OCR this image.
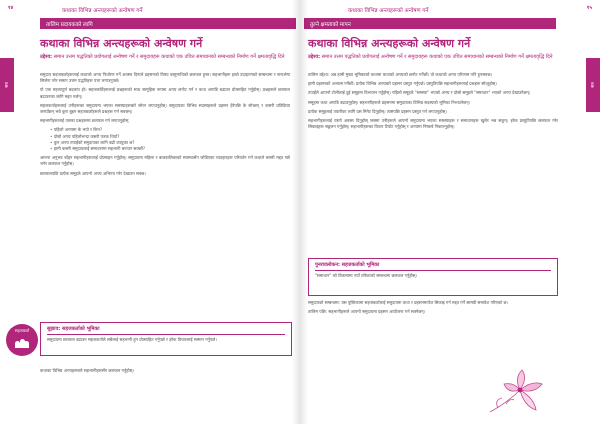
१४	कथाका विभिन्न अन्त्यहरूको अन्वेषण गर्ने
सत्र
तालिम प्रदायकको लागि
कथाका विभिन्न अन्त्यहरूको अन्वेषण गर्ने
उद्देश्य: समान उत्तम पद्धतिको प्रयोगलाई अन्वेषण गर्ने र समुदायहरू कथाको एक उचित समाधानको सम्बन्धको निर्माण गर्ने क्षमतावृद्धि दिने

समुदाय सहजकर्ताहरूलाई कथाको अन्त्य निर्धारण गर्ने अवसर दिनाले प्रहसनको विषय वस्तुमाथिको छलफल हुन्छ। सहभागीहरू हाम्रो उदाहरणको सम्बन्धमा र सन्दर्भमा सिर्जना गरेर समान उत्तम पद्धतिहरू पत्ता लगाउनुपर्छ।

यो एक महत्त्वपूर्ण बदलाव हो। सहजकर्तिहरूलाई प्रश्नहरूको साथ सामूहिक रूपमा अन्त्य छनोट गर्न र कथा अगाडि बढाउन प्रोत्साहित गर्नुहोस्। प्रश्नहरूले छलफल बढाउनका लागि मद्दत गर्छन्।

सहजकर्ताहरूलाई उनीहरूका समुदायमा भएका समस्याहरूबारे सोच्न लगाउनुहोस्। समुदायका विभिन्न सदस्यहरूले प्रहसन हेरेपछि के सोच्छन् र कसरी प्रतिक्रिया जनाउँछन् भन्ने कुरा बुझ्न सहजकर्ताहरूले प्रश्नहरू गर्न सक्छन्।

सहभागीहरूलाई तलका प्रश्नहरूमा छलफल गर्न लगाउनुहोस्:

• पहिलो अन्त्यमा के भयो र किन?
• दोस्रो अन्त्य पहिलोभन्दा कसरी फरक थियो?
• कुन अन्त्य तपाईंको समुदायका लागि बढी उपयुक्त छ?
• हामी कसरी समुदायलाई समाधानमा सहभागी बनाउन सक्छौं?

आफ्ना अनुभव बाँड्न सहभागीहरूलाई प्रोत्साहन गर्नुहोस्। समुदायमा महिला र बालबालिकाको स्वास्थ्यसँग जोडिएका व्यवहारहरू परिवर्तन गर्न कथाले कसरी मद्दत गर्छ भनेर छलफल गर्नुहोस्।

छलफलपछि प्रत्येक समूहले आफ्नो अन्त्य अभिनय गरेर देखाउन सक्छ।

सहजकर्ता	सुझाव: सहजकर्ताको भूमिका
समुदायमा छलफल बढाउन सहजकर्ताले सबैलाई सहभागी हुन प्रोत्साहित गर्नुपर्छ र हरेक विचारलाई सम्मान गर्नुपर्छ।

कथाका विभिन्न अन्त्यहरूबारे सहभागीहरूसँग छलफल गर्नुहोस्।

१५
कथाका विभिन्न अन्त्यहरूको अन्वेषण गर्ने
सत्र
तुल्ने क्षमताको मापन
कथाका विभिन्न अन्त्यहरूको अन्वेषण गर्ने
उद्देश्य: समान उत्तम पद्धतिको प्रयोगलाई अन्वेषण गर्ने र समुदायहरू कथाको एक उचित समाधानको सम्बन्धको निर्माण गर्ने क्षमतावृद्धि दिने

तालिम उद्देश्य: अब हामी मुख्य भूमिकाको कथामा कथाको अन्त्यको छनोट गर्नेछौं। यो कथाको अन्त्य परिणाम पनि हुनसक्छ।

हामी प्रहसनको अभ्यास गर्नेछौं। प्रत्येक विभिन्न अन्त्यबारे प्रहसन प्रस्तुत गर्नुपर्छ। प्रस्तुतिपछि सहभागीहरूलाई प्रश्नहरू सोध्नुहोस्।

तपाईंले आफ्नो टोलीलाई दुई समूहमा विभाजन गर्नुहोस्। पहिलो समूहले "समस्या" भएको अन्त्य र दोस्रो समूहले "समाधान" भएको अन्त्य देखाउनेछन्।

समूहमा कथा अगाडि बढाउनुहोस्। सहभागीहरूले प्रहसनमा समुदायका विभिन्न सदस्यको भूमिका निभाउनेछन्।

प्रत्येक समूहलाई तयारीका लागि दस मिनेट दिनुहोस्। त्यसपछि प्रहसन प्रस्तुत गर्न लगाउनुहोस्।

सहभागीहरूलाई यस्तो अवसर दिनुहोस् जसमा उनीहरूले आफ्नो समुदायमा भएका समस्याहरू र समाधानहरू खुलेर भन्न सकून्। हरेक प्रस्तुतिपछि छलफल गरेर सिकाइहरू सङ्कलन गर्नुहोस्। सहभागीहरूका विचार टिपोट गर्नुहोस् र अन्त्यमा निष्कर्ष निकाल्नुहोस्।

पुनरावलोकन: सहजकर्ताको भूमिका
"समाधान" को विकल्पमा नयाँ तरिकाको सम्बन्धमा छलफल गर्नुहोस्।

समुदायको सम्बन्धमा: यस पुस्तिकामा सहजकर्तालाई समुदायमा कथा र प्रहसनमार्फत सिकाइ गर्न मद्दत गर्ने सामग्री समावेश गरिएको छ।

तालिम पछि: सहभागीहरूले आफ्नो समुदायमा प्रहसन आयोजना गर्न सक्नेछन्।
